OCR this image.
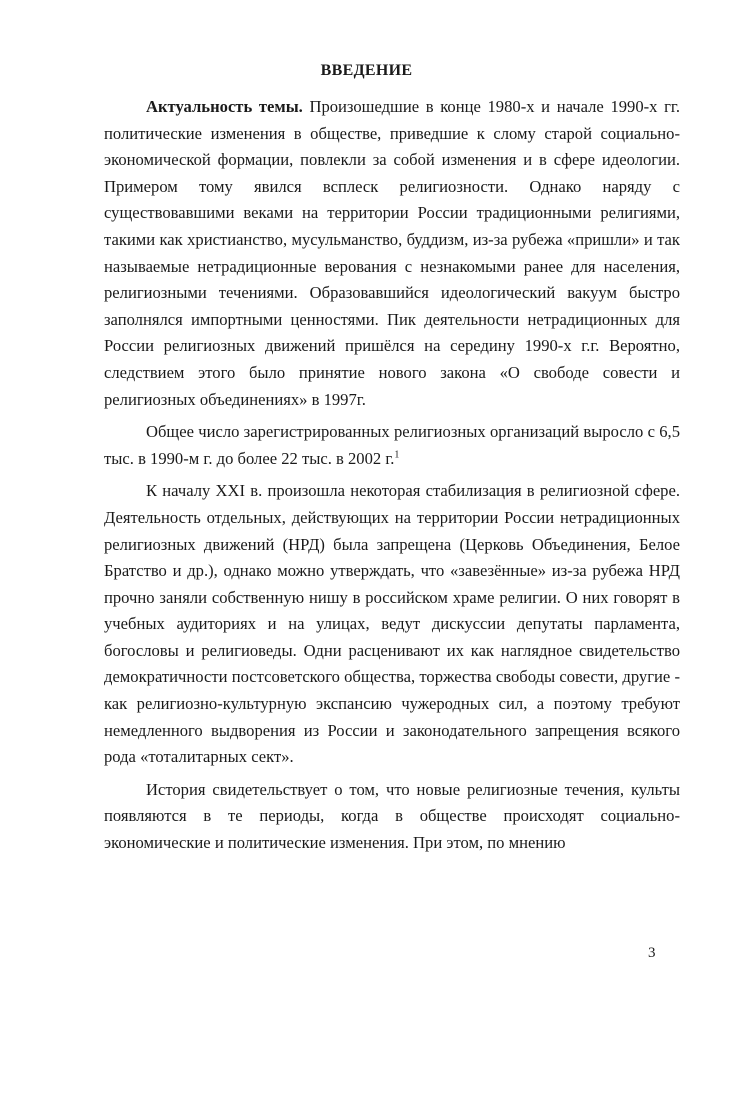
ВВЕДЕНИЕ

Актуальность темы. Произошедшие в конце 1980-х и начале 1990-х гг. политические изменения в обществе, приведшие к слому старой социально-экономической формации, повлекли за собой изменения и в сфере идеологии. Примером тому явился всплеск религиозности. Однако наряду с существовавшими веками на территории России традиционными религиями, такими как христианство, мусульманство, буддизм, из-за рубежа «пришли» и так называемые нетрадиционные верования с незнакомыми ранее для населения, религиозными течениями. Образовавшийся идеологический вакуум быстро заполнялся импортными ценностями. Пик деятельности нетрадиционных для России религиозных движений пришёлся на середину 1990-х г.г. Вероятно, следствием этого было принятие нового закона «О свободе совести и религиозных объединениях» в 1997г.

Общее число зарегистрированных религиозных организаций выросло с 6,5 тыс. в 1990-м г. до более 22 тыс. в 2002 г.$^1$

К началу XXI в. произошла некоторая стабилизация в религиозной сфере. Деятельность отдельных, действующих на территории России нетрадиционных религиозных движений (НРД) была запрещена (Церковь Объединения, Белое Братство и др.), однако можно утверждать, что «завезённые» из-за рубежа НРД прочно заняли собственную нишу в российском храме религии. О них говорят в учебных аудиториях и на улицах, ведут дискуссии депутаты парламента, богословы и религиоведы. Одни расценивают их как наглядное свидетельство демократичности постсоветского общества, торжества свободы совести, другие - как религиозно-культурную экспансию чужеродных сил, а поэтому требуют немедленного выдворения из России и законодательного запрещения всякого рода «тоталитарных сект».

История свидетельствует о том, что новые религиозные течения, культы появляются в те периоды, когда в обществе происходят социально-экономические и политические изменения. При этом, по мнению

3
